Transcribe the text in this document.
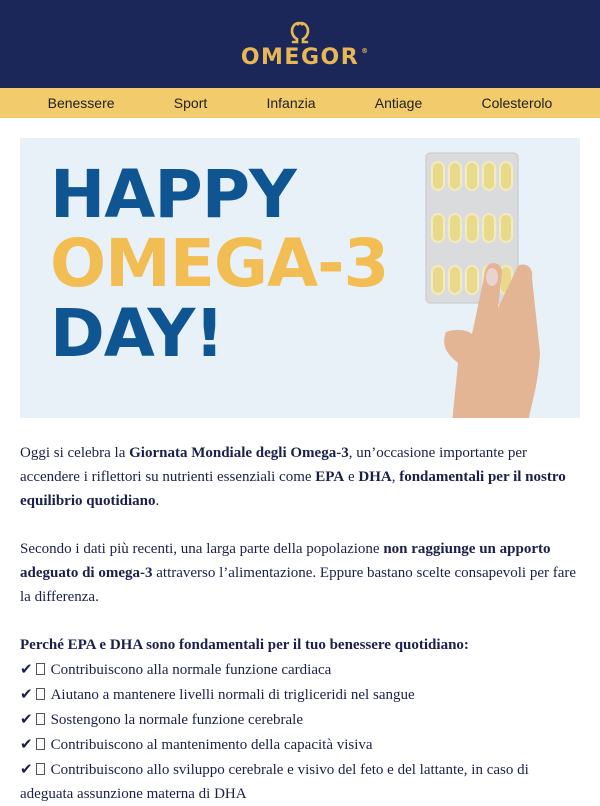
OMEGOR ®
Benessere	Sport	Infanzia	Antiage	Colesterolo
HAPPY
OMEGA-3
DAY!

Oggi si celebra la Giornata Mondiale degli Omega-3, un’occasione importante per accendere i riflettori su nutrienti essenziali come EPA e DHA, fondamentali per il nostro equilibrio quotidiano.

Secondo i dati più recenti, una larga parte della popolazione non raggiunge un apporto adeguato di omega-3 attraverso l’alimentazione. Eppure bastano scelte consapevoli per fare la differenza.

Perché EPA e DHA sono fondamentali per il tuo benessere quotidiano:
✔ Contribuiscono alla normale funzione cardiaca
✔ Aiutano a mantenere livelli normali di trigliceridi nel sangue
✔ Sostengono la normale funzione cerebrale
✔ Contribuiscono al mantenimento della capacità visiva
✔ Contribuiscono allo sviluppo cerebrale e visivo del feto e del lattante, in caso di adeguata assunzione materna di DHA
